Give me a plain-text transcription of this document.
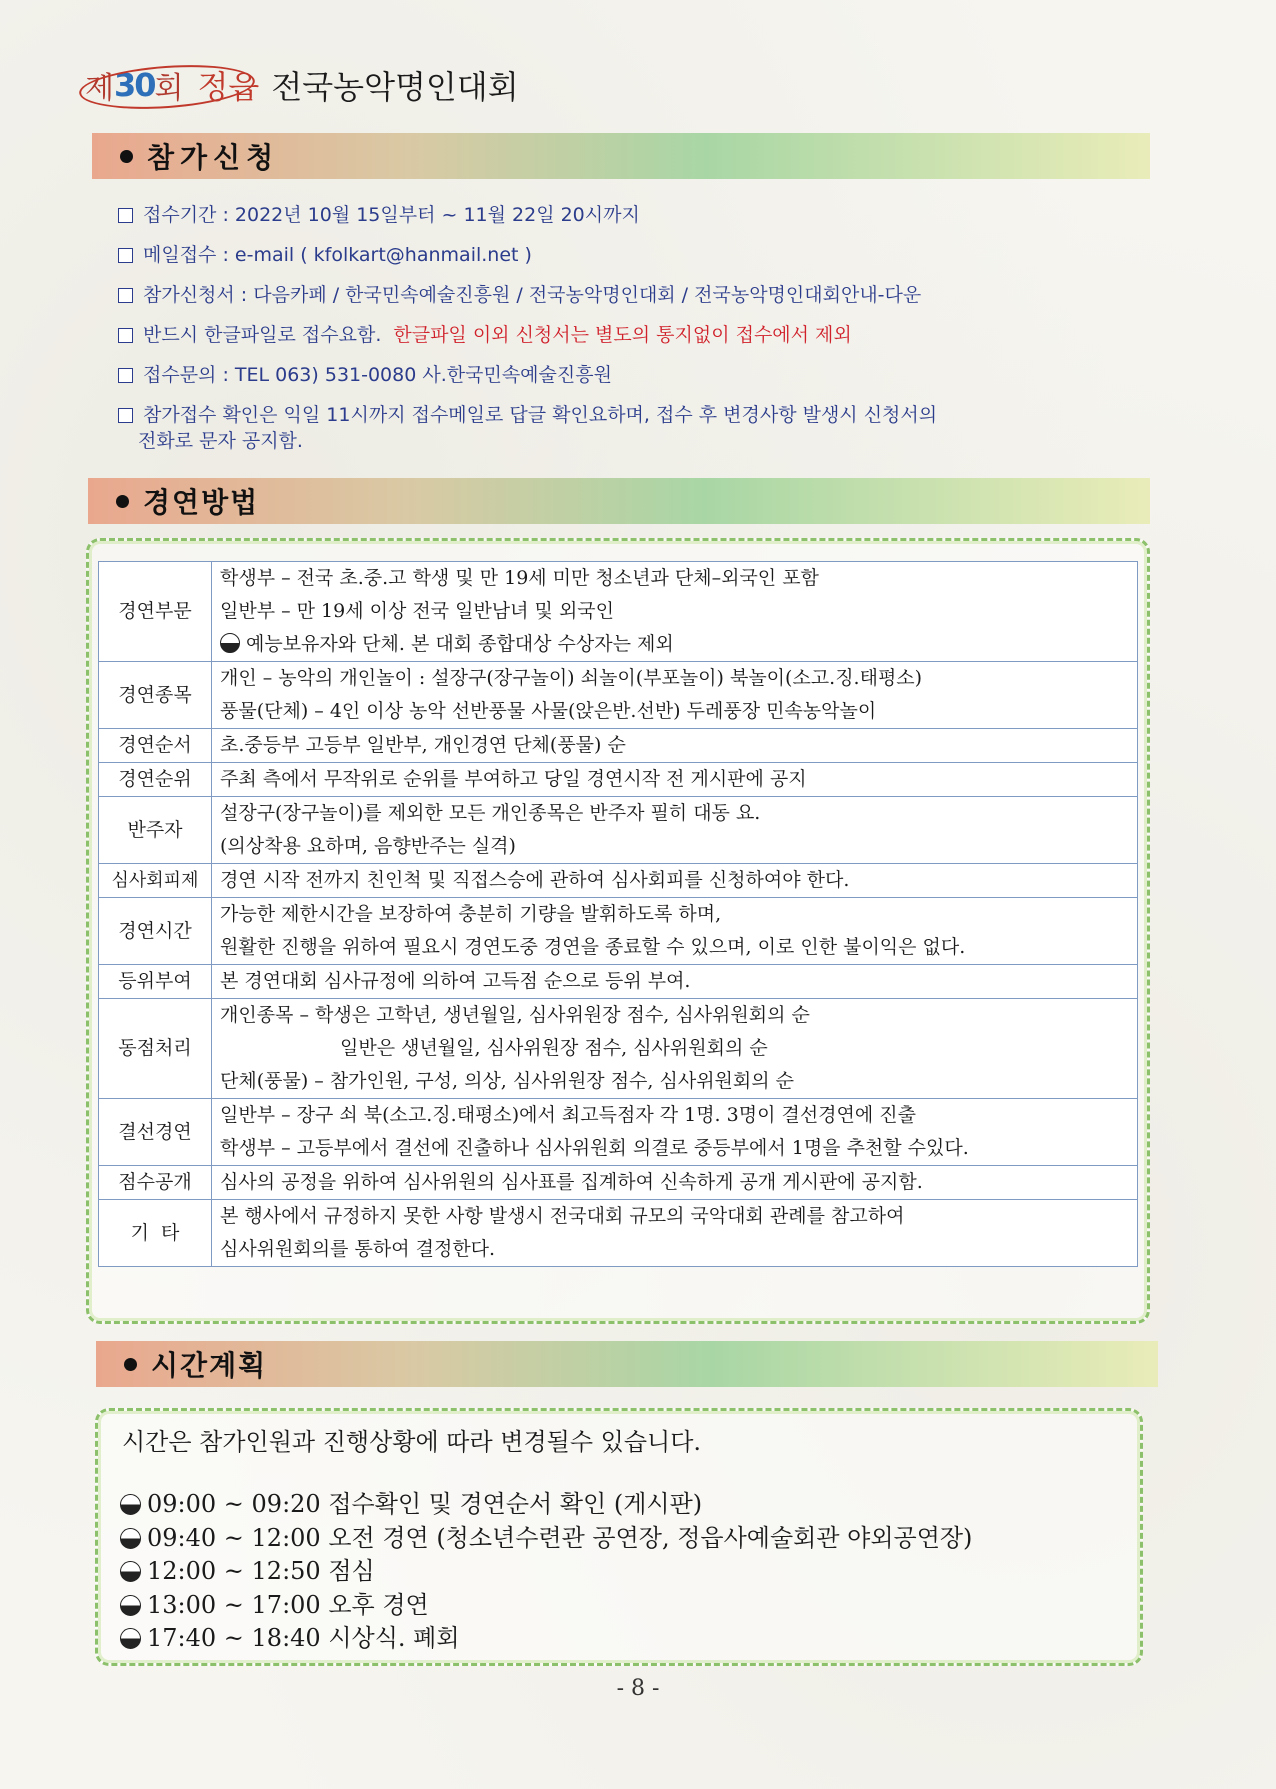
제 30 회 정읍 전국농악명인대회
참가신청
접수기간 : 2022년 10월 15일부터 ~ 11월 22일 20시까지
메일접수 : e-mail ( kfolkart@hanmail.net )
참가신청서 : 다음카페 / 한국민속예술진흥원 / 전국농악명인대회 / 전국농악명인대회안내-다운
반드시 한글파일로 접수요함. 한글파일 이외 신청서는 별도의 통지없이 접수에서 제외
접수문의 : TEL 063) 531-0080 사.한국민속예술진흥원
참가접수 확인은 익일 11시까지 접수메일로 답글 확인요하며, 접수 후 변경사항 발생시 신청서의
전화로 문자 공지함.
경연방법
경연부문	학생부 – 전국 초.중.고 학생 및 만 19세 미만 청소년과 단체–외국인 포함
일반부 – 만 19세 이상 전국 일반남녀 및 외국인
예능보유자와 단체. 본 대회 종합대상 수상자는 제외

경연종목	개인 – 농악의 개인놀이 : 설장구(장구놀이) 쇠놀이(부포놀이) 북놀이(소고.징.태평소)
풍물(단체) – 4인 이상 농악 선반풍물 사물(앉은반.선반) 두레풍장 민속농악놀이

경연순서	초.중등부 고등부 일반부, 개인경연 단체(풍물) 순

경연순위	주최 측에서 무작위로 순위를 부여하고 당일 경연시작 전 게시판에 공지

반주자	설장구(장구놀이)를 제외한 모든 개인종목은 반주자 필히 대동 요.
(의상착용 요하며, 음향반주는 실격)

심사회피제	경연 시작 전까지 친인척 및 직접스승에 관하여 심사회피를 신청하여야 한다.

경연시간	가능한 제한시간을 보장하여 충분히 기량을 발휘하도록 하며,
원활한 진행을 위하여 필요시 경연도중 경연을 종료할 수 있으며, 이로 인한 불이익은 없다.

등위부여	본 경연대회 심사규정에 의하여 고득점 순으로 등위 부여.

동점처리	개인종목 – 학생은 고학년, 생년월일, 심사위원장 점수, 심사위원회의 순
일반은 생년월일, 심사위원장 점수, 심사위원회의 순
단체(풍물) – 참가인원, 구성, 의상, 심사위원장 점수, 심사위원회의 순

결선경연	일반부 – 장구 쇠 북(소고.징.태평소)에서 최고득점자 각 1명. 3명이 결선경연에 진출
학생부 – 고등부에서 결선에 진출하나 심사위원회 의결로 중등부에서 1명을 추천할 수있다.

점수공개	심사의 공정을 위하여 심사위원의 심사표를 집계하여 신속하게 공개 게시판에 공지함.

기  타	본 행사에서 규정하지 못한 사항 발생시 전국대회 규모의 국악대회 관례를 참고하여
심사위원회의를 통하여 결정한다.
시간계획
시간은 참가인원과 진행상황에 따라 변경될수 있습니다.
09:00 ~ 09:20 접수확인 및 경연순서 확인 (게시판)
09:40 ~ 12:00 오전 경연 (청소년수련관 공연장, 정읍사예술회관 야외공연장)
12:00 ~ 12:50 점심
13:00 ~ 17:00 오후 경연
17:40 ~ 18:40 시상식. 폐회
- 8 -
